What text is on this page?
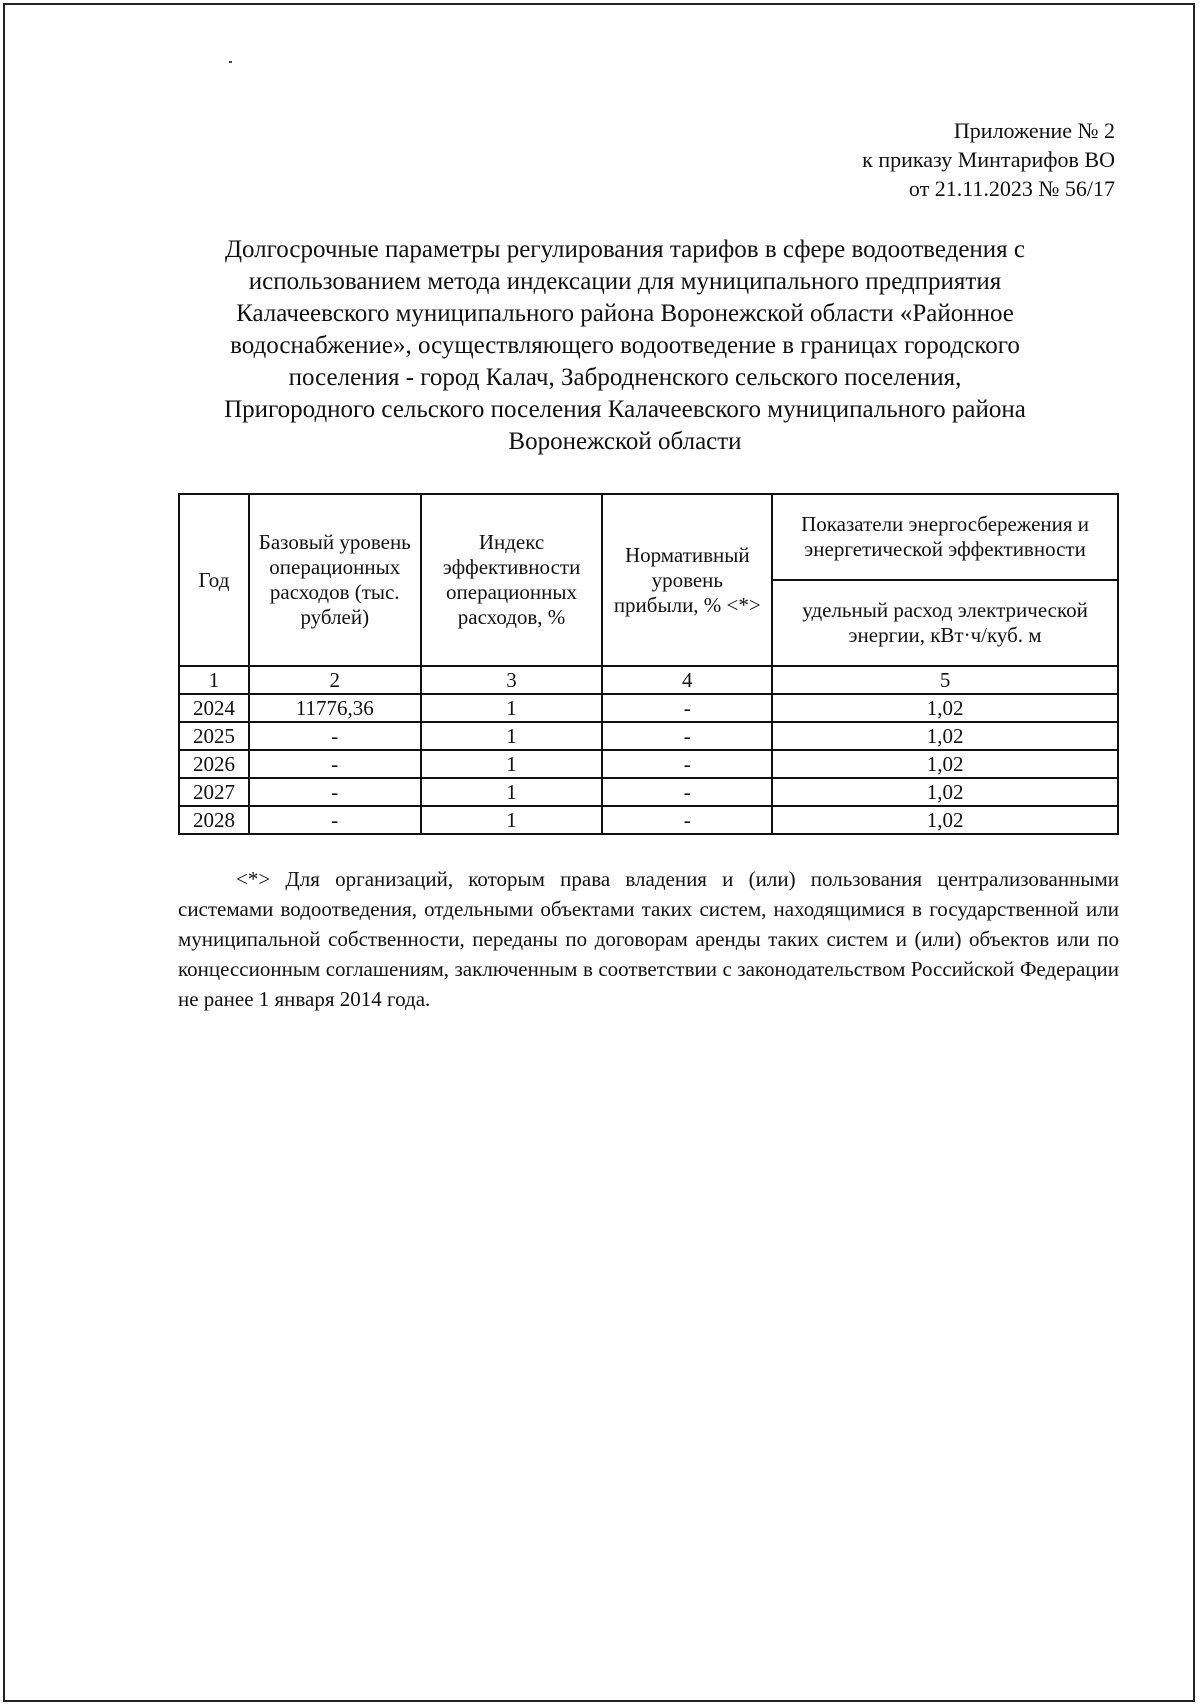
Приложение № 2
к приказу Минтарифов ВО
от 21.11.2023 № 56/17
Долгосрочные параметры регулирования тарифов в сфере водоотведения с
использованием метода индексации для муниципального предприятия
Калачеевского муниципального района Воронежской области «Районное
водоснабжение», осуществляющего водоотведение в границах городского
поселения - город Калач, Забродненского сельского поселения,
Пригородного сельского поселения Калачеевского муниципального района
Воронежской области
Год	Базовый уровень операционных расходов (тыс. рублей)	Индекс эффективности операционных расходов, %	Нормативный уровень прибыли, % <*>	Показатели энергосбережения и энергетической эффективности
				удельный расход электрической энергии, кВт·ч/куб. м
1	2	3	4	5
2024	11776,36	1	-	1,02
2025	-	1	-	1,02
2026	-	1	-	1,02
2027	-	1	-	1,02
2028	-	1	-	1,02
<*> Для организаций, которым права владения и (или) пользования централизованными системами водоотведения, отдельными объектами таких систем, находящимися в государственной или муниципальной собственности, переданы по договорам аренды таких систем и (или) объектов или по концессионным соглашениям, заключенным в соответствии с законодательством Российской Федерации не ранее 1 января 2014 года.
